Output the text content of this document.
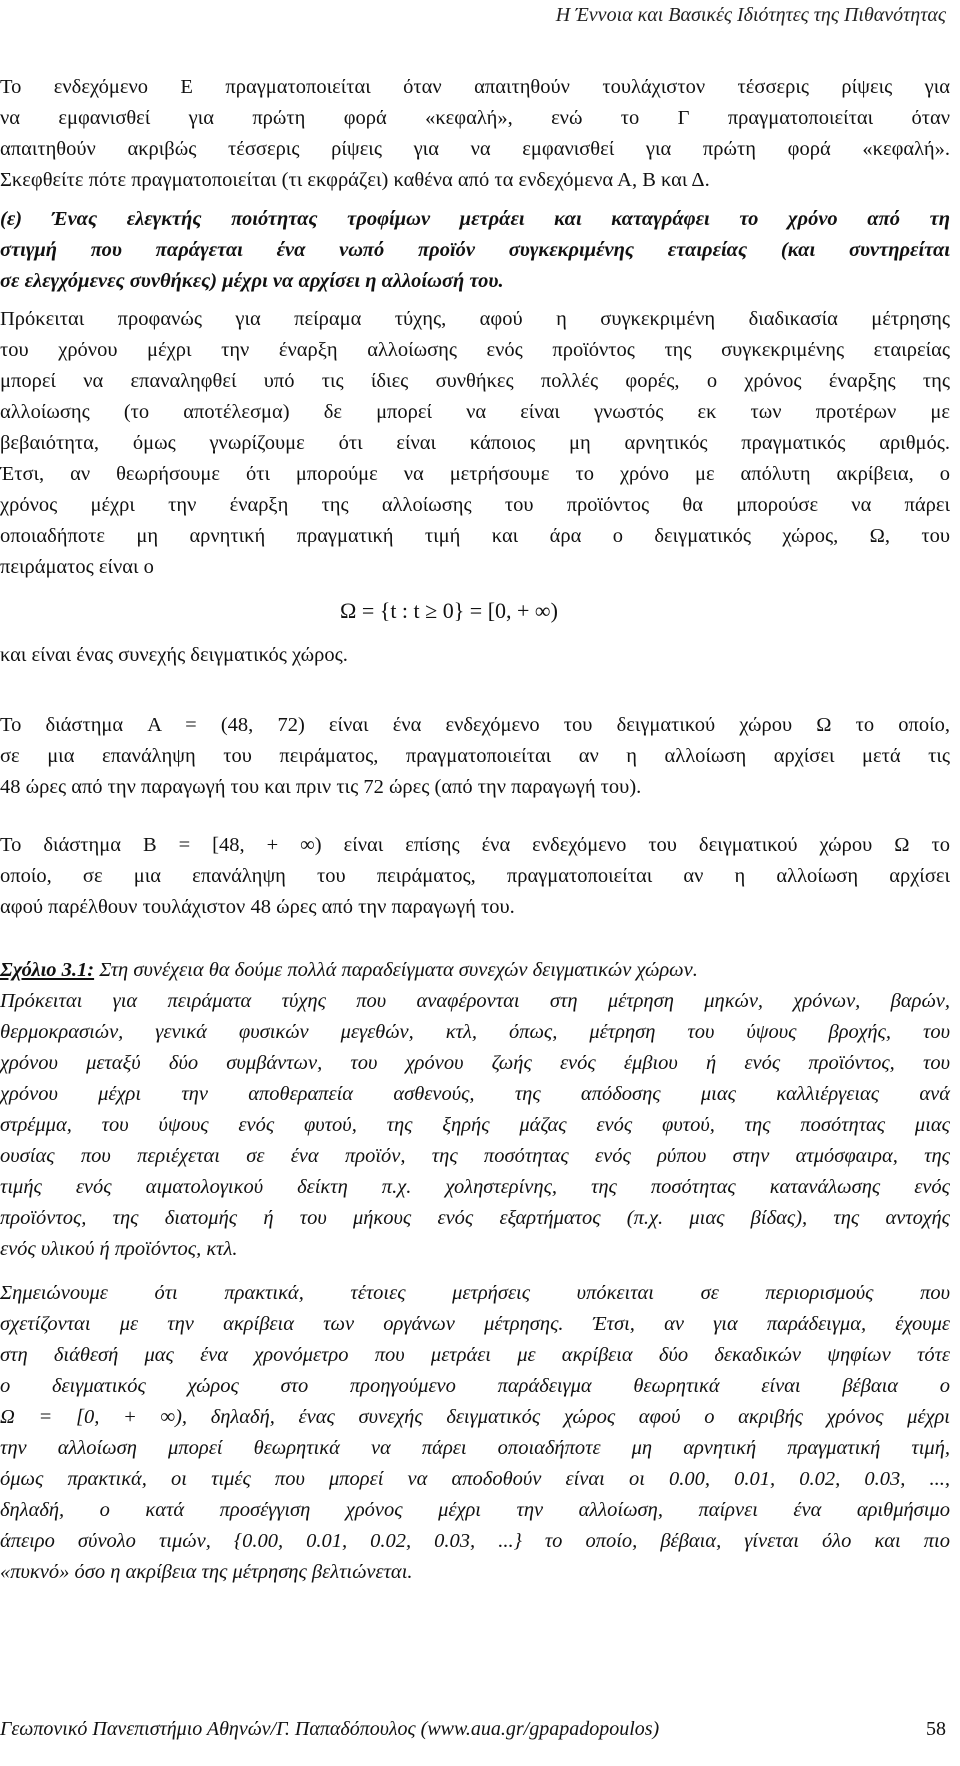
Η Έννοια και Βασικές Ιδιότητες της Πιθανότητας
Το ενδεχόμενο Ε πραγματοποιείται όταν απαιτηθούν τουλάχιστον τέσσερις ρίψεις για
να εμφανισθεί για πρώτη φορά «κεφαλή», ενώ το Γ πραγματοποιείται όταν
απαιτηθούν ακριβώς τέσσερις ρίψεις για να εμφανισθεί για πρώτη φορά «κεφαλή».
Σκεφθείτε πότε πραγματοποιείται (τι εκφράζει) καθένα από τα ενδεχόμενα Α, Β και Δ.
(ε) Ένας ελεγκτής ποιότητας τροφίμων μετράει και καταγράφει το χρόνο από τη
στιγμή που παράγεται ένα νωπό προϊόν συγκεκριμένης εταιρείας (και συντηρείται
σε ελεγχόμενες συνθήκες) μέχρι να αρχίσει η αλλοίωσή του.
Πρόκειται προφανώς για πείραμα τύχης, αφού η συγκεκριμένη διαδικασία μέτρησης
του χρόνου μέχρι την έναρξη αλλοίωσης ενός προϊόντος της συγκεκριμένης εταιρείας
μπορεί να επαναληφθεί υπό τις ίδιες συνθήκες πολλές φορές, ο χρόνος έναρξης της
αλλοίωσης (το αποτέλεσμα) δε μπορεί να είναι γνωστός εκ των προτέρων με
βεβαιότητα, όμως γνωρίζουμε ότι είναι κάποιος μη αρνητικός πραγματικός αριθμός.
Έτσι, αν θεωρήσουμε ότι μπορούμε να μετρήσουμε το χρόνο με απόλυτη ακρίβεια, ο
χρόνος μέχρι την έναρξη της αλλοίωσης του προϊόντος θα μπορούσε να πάρει
οποιαδήποτε μη αρνητική πραγματική τιμή και άρα ο δειγματικός χώρος, Ω, του
πειράματος είναι ο
Ω = {t : t ≥ 0} = [0, + ∞)
και είναι ένας συνεχής δειγματικός χώρος.
Το διάστημα A = (48, 72) είναι ένα ενδεχόμενο του δειγματικού χώρου Ω το οποίο,
σε μια επανάληψη του πειράματος, πραγματοποιείται αν η αλλοίωση αρχίσει μετά τις
48 ώρες από την παραγωγή του και πριν τις 72 ώρες (από την παραγωγή του).
Το διάστημα B = [48, + ∞) είναι επίσης ένα ενδεχόμενο του δειγματικού χώρου Ω το
οποίο, σε μια επανάληψη του πειράματος, πραγματοποιείται αν η αλλοίωση αρχίσει
αφού παρέλθουν τουλάχιστον 48 ώρες από την παραγωγή του.
Σχόλιο 3.1: Στη συνέχεια θα δούμε πολλά παραδείγματα συνεχών δειγματικών χώρων.
Πρόκειται για πειράματα τύχης που αναφέρονται στη μέτρηση μηκών, χρόνων, βαρών,
θερμοκρασιών, γενικά φυσικών μεγεθών, κτλ, όπως, μέτρηση του ύψους βροχής, του
χρόνου μεταξύ δύο συμβάντων, του χρόνου ζωής ενός έμβιου ή ενός προϊόντος, του
χρόνου μέχρι την αποθεραπεία ασθενούς, της απόδοσης μιας καλλιέργειας ανά
στρέμμα, του ύψους ενός φυτού, της ξηρής μάζας ενός φυτού, της ποσότητας μιας
ουσίας που περιέχεται σε ένα προϊόν, της ποσότητας ενός ρύπου στην ατμόσφαιρα, της
τιμής ενός αιματολογικού δείκτη π.χ. χοληστερίνης, της ποσότητας κατανάλωσης ενός
προϊόντος, της διατομής ή του μήκους ενός εξαρτήματος (π.χ. μιας βίδας), της αντοχής
ενός υλικού ή προϊόντος, κτλ.
Σημειώνουμε ότι πρακτικά, τέτοιες μετρήσεις υπόκειται σε περιορισμούς που
σχετίζονται με την ακρίβεια των οργάνων μέτρησης. Έτσι, αν για παράδειγμα, έχουμε
στη διάθεσή μας ένα χρονόμετρο που μετράει με ακρίβεια δύο δεκαδικών ψηφίων τότε
ο δειγματικός χώρος στο προηγούμενο παράδειγμα θεωρητικά είναι βέβαια ο
Ω = [0, + ∞), δηλαδή, ένας συνεχής δειγματικός χώρος αφού ο ακριβής χρόνος μέχρι
την αλλοίωση μπορεί θεωρητικά να πάρει οποιαδήποτε μη αρνητική πραγματική τιμή,
όμως πρακτικά, οι τιμές που μπορεί να αποδοθούν είναι οι 0.00, 0.01, 0.02, 0.03, ...,
δηλαδή, ο κατά προσέγγιση χρόνος μέχρι την αλλοίωση, παίρνει ένα αριθμήσιμο
άπειρο σύνολο τιμών, {0.00, 0.01, 0.02, 0.03, ...} το οποίο, βέβαια, γίνεται όλο και πιο
«πυκνό» όσο η ακρίβεια της μέτρησης βελτιώνεται.
Γεωπονικό Πανεπιστήμιο Αθηνών/Γ. Παπαδόπουλος (www.aua.gr/gpapadopoulos)	58
